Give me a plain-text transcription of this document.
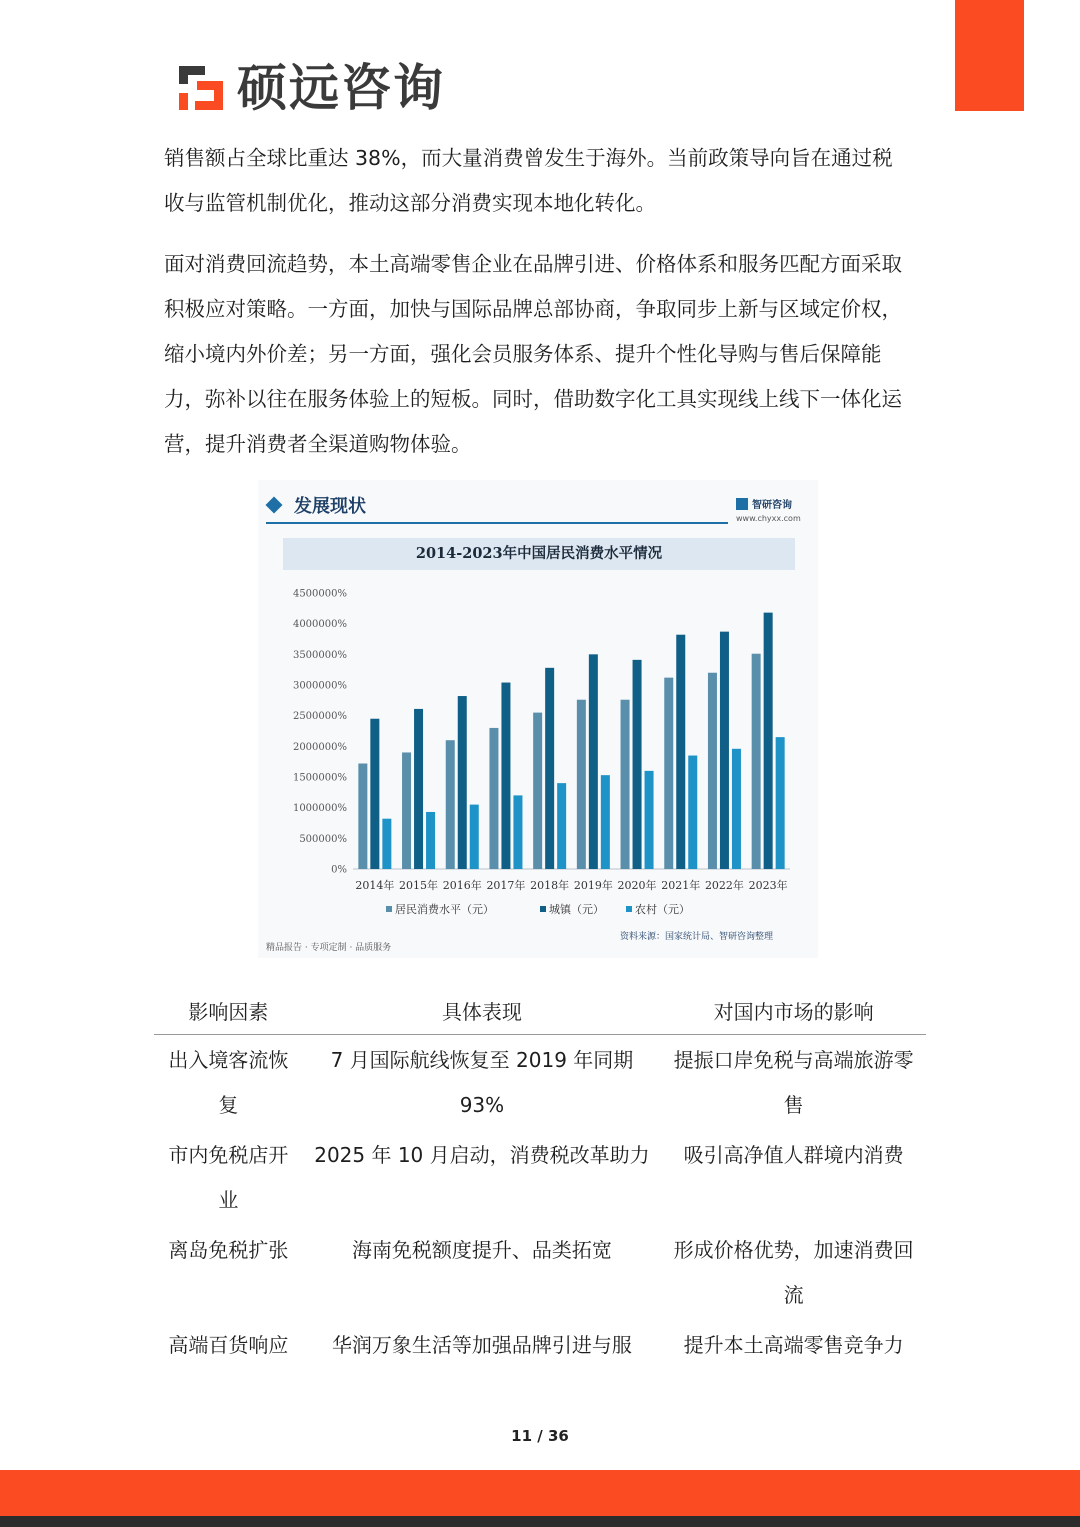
硕远咨询

销售额占全球比重达 38%，而大量消费曾发生于海外。当前政策导向旨在通过税收与监管机制优化，推动这部分消费实现本地化转化。

面对消费回流趋势，本土高端零售企业在品牌引进、价格体系和服务匹配方面采取积极应对策略。一方面，加快与国际品牌总部协商，争取同步上新与区域定价权，缩小境内外价差；另一方面，强化会员服务体系、提升个性化导购与售后保障能力，弥补以往在服务体验上的短板。同时，借助数字化工具实现线上线下一体化运营，提升消费者全渠道购物体验。

发展现状	智研咨询
www.chyxx.com
2014-2023年中国居民消费水平情况
0%
500000%
1000000%
1500000%
2000000%
2500000%
3000000%
3500000%
4000000%
4500000%
2014年 2015年 2016年 2017年 2018年 2019年 2020年 2021年 2022年 2023年
居民消费水平（元）	城镇（元）	农村（元）
精品报告 · 专项定制 · 品质服务
资料来源：国家统计局、智研咨询整理
影响因素	具体表现	对国内市场的影响
出入境客流恢复	7 月国际航线恢复至 2019 年同期 93%	提振口岸免税与高端旅游零售
市内免税店开业	2025 年 10 月启动，消费税改革助力	吸引高净值人群境内消费
离岛免税扩张	海南免税额度提升、品类拓宽	形成价格优势，加速消费回流
高端百货响应	华润万象生活等加强品牌引进与服	提升本土高端零售竞争力
11 / 36
